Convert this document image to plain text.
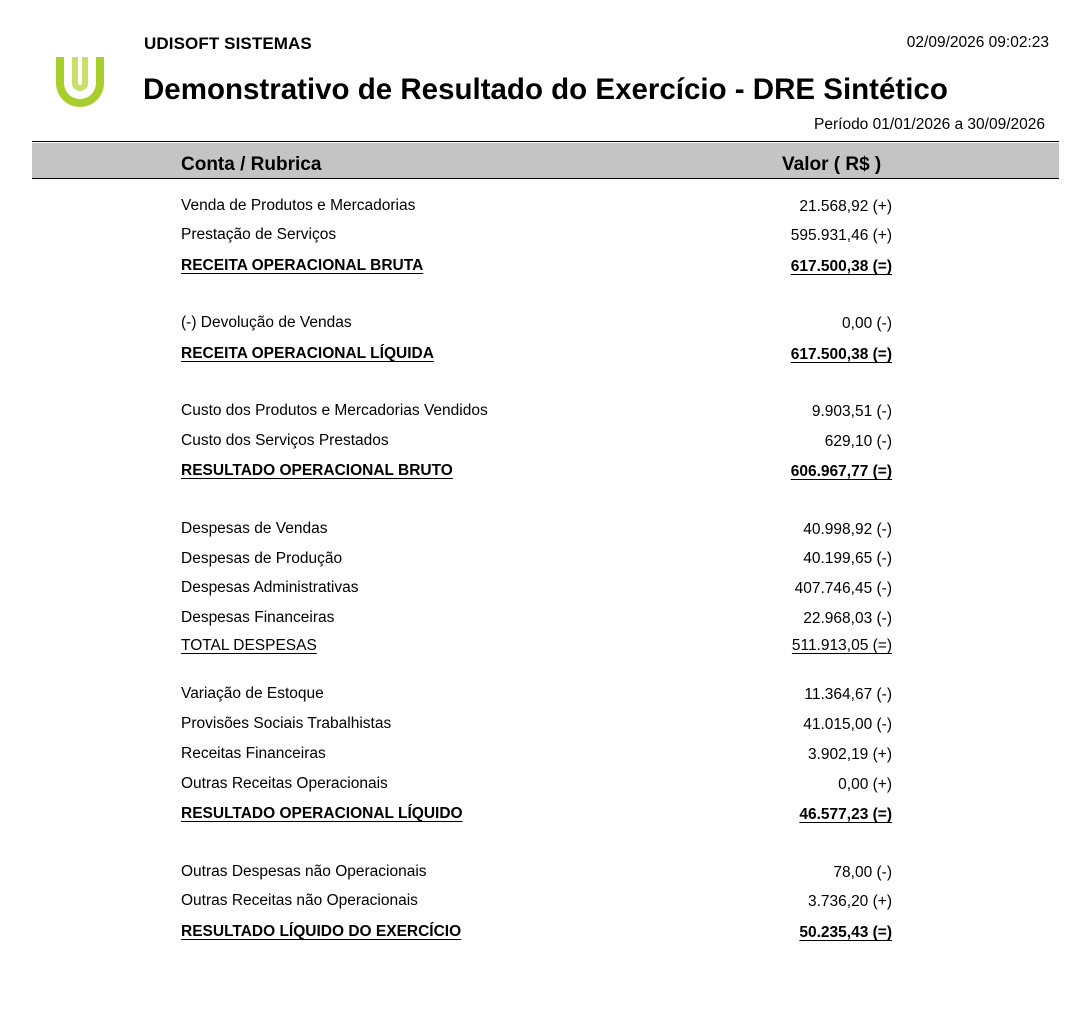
UDISOFT SISTEMAS	02/09/2026 09:02:23
Demonstrativo de Resultado do Exercício - DRE Sintético
Período 01/01/2026 a 30/09/2026
Conta / Rubrica	Valor ( R$ )
Venda de Produtos e Mercadorias	21.568,92 (+)
Prestação de Serviços	595.931,46 (+)
RECEITA OPERACIONAL BRUTA	617.500,38 (=)
(-) Devolução de Vendas	0,00 (-)
RECEITA OPERACIONAL LÍQUIDA	617.500,38 (=)
Custo dos Produtos e Mercadorias Vendidos	9.903,51 (-)
Custo dos Serviços Prestados	629,10 (-)
RESULTADO OPERACIONAL BRUTO	606.967,77 (=)
Despesas de Vendas	40.998,92 (-)
Despesas de Produção	40.199,65 (-)
Despesas Administrativas	407.746,45 (-)
Despesas Financeiras	22.968,03 (-)
TOTAL DESPESAS	511.913,05 (=)
Variação de Estoque	11.364,67 (-)
Provisões Sociais Trabalhistas	41.015,00 (-)
Receitas Financeiras	3.902,19 (+)
Outras Receitas Operacionais	0,00 (+)
RESULTADO OPERACIONAL LÍQUIDO	46.577,23 (=)
Outras Despesas não Operacionais	78,00 (-)
Outras Receitas não Operacionais	3.736,20 (+)
RESULTADO LÍQUIDO DO EXERCÍCIO	50.235,43 (=)
